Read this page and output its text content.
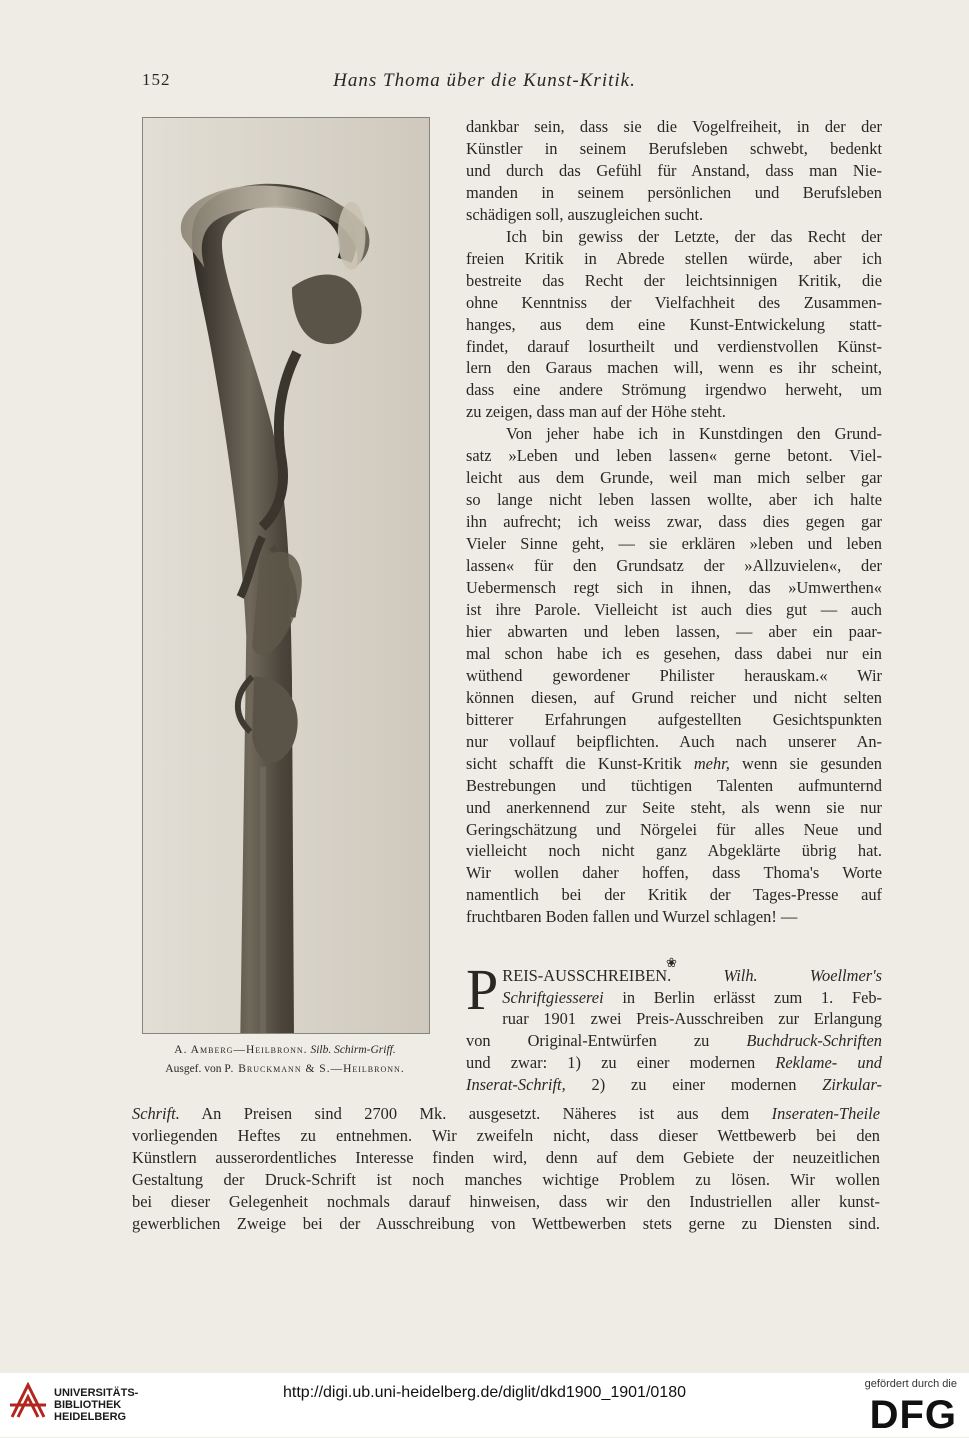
152	Hans Thoma über die Kunst-Kritik.
A. Amberg—Heilbronn. Silb. Schirm-Griff.
Ausgef. von P. Bruckmann & S.—Heilbronn.

dankbar sein, dass sie die Vogelfreiheit, in der der
Künstler in seinem Berufsleben schwebt, bedenkt
und durch das Gefühl für Anstand, dass man Nie-
manden in seinem persönlichen und Berufsleben
schädigen soll, auszugleichen sucht.

Ich bin gewiss der Letzte, der das Recht der
freien Kritik in Abrede stellen würde, aber ich
bestreite das Recht der leichtsinnigen Kritik, die
ohne Kenntniss der Vielfachheit des Zusammen-
hanges, aus dem eine Kunst-Entwickelung statt-
findet, darauf losurtheilt und verdienstvollen Künst-
lern den Garaus machen will, wenn es ihr scheint,
dass eine andere Strömung irgendwo herweht, um
zu zeigen, dass man auf der Höhe steht.

Von jeher habe ich in Kunstdingen den Grund-
satz »Leben und leben lassen« gerne betont. Viel-
leicht aus dem Grunde, weil man mich selber gar
so lange nicht leben lassen wollte, aber ich halte
ihn aufrecht; ich weiss zwar, dass dies gegen gar
Vieler Sinne geht, — sie erklären »leben und leben
lassen« für den Grundsatz der »Allzuvielen«, der
Uebermensch regt sich in ihnen, das »Umwerthen«
ist ihre Parole. Vielleicht ist auch dies gut — auch
hier abwarten und leben lassen, — aber ein paar-
mal schon habe ich es gesehen, dass dabei nur ein
wüthend gewordener Philister herauskam.« Wir
können diesen, auf Grund reicher und nicht selten
bitterer Erfahrungen aufgestellten Gesichtspunkten
nur vollauf beipflichten. Auch nach unserer An-
sicht schafft die Kunst-Kritik mehr, wenn sie gesunden
Bestrebungen und tüchtigen Talenten aufmunternd
und anerkennend zur Seite steht, als wenn sie nur
Geringschätzung und Nörgelei für alles Neue und
vielleicht noch nicht ganz Abgeklärte übrig hat.
Wir wollen daher hoffen, dass Thoma's Worte
namentlich bei der Kritik der Tages-Presse auf
fruchtbaren Boden fallen und Wurzel schlagen! —

❀
P REIS-AUSSCHREIBEN.	Wilh. Woellmer's
Schriftgiesserei in Berlin erlässt zum 1. Feb-
ruar 1901 zwei Preis-Ausschreiben zur Erlangung
von Original-Entwürfen zu Buchdruck-Schriften
und zwar: 1) zu einer modernen Reklame- und
Inserat-Schrift, 2) zu einer modernen Zirkular-
Schrift. An Preisen sind 2700 Mk. ausgesetzt. Näheres ist aus dem Inseraten-Theile
vorliegenden Heftes zu entnehmen. Wir zweifeln nicht, dass dieser Wettbewerb bei den
Künstlern ausserordentliches Interesse finden wird, denn auf dem Gebiete der neuzeitlichen
Gestaltung der Druck-Schrift ist noch manches wichtige Problem zu lösen. Wir wollen
bei dieser Gelegenheit nochmals darauf hinweisen, dass wir den Industriellen aller kunst-
gewerblichen Zweige bei der Ausschreibung von Wettbewerben stets gerne zu Diensten sind.
UNIVERSITÄTS-
BIBLIOTHEK
HEIDELBERG
http://digi.ub.uni-heidelberg.de/diglit/dkd1900_1901/0180	gefördert durch die
DFG
